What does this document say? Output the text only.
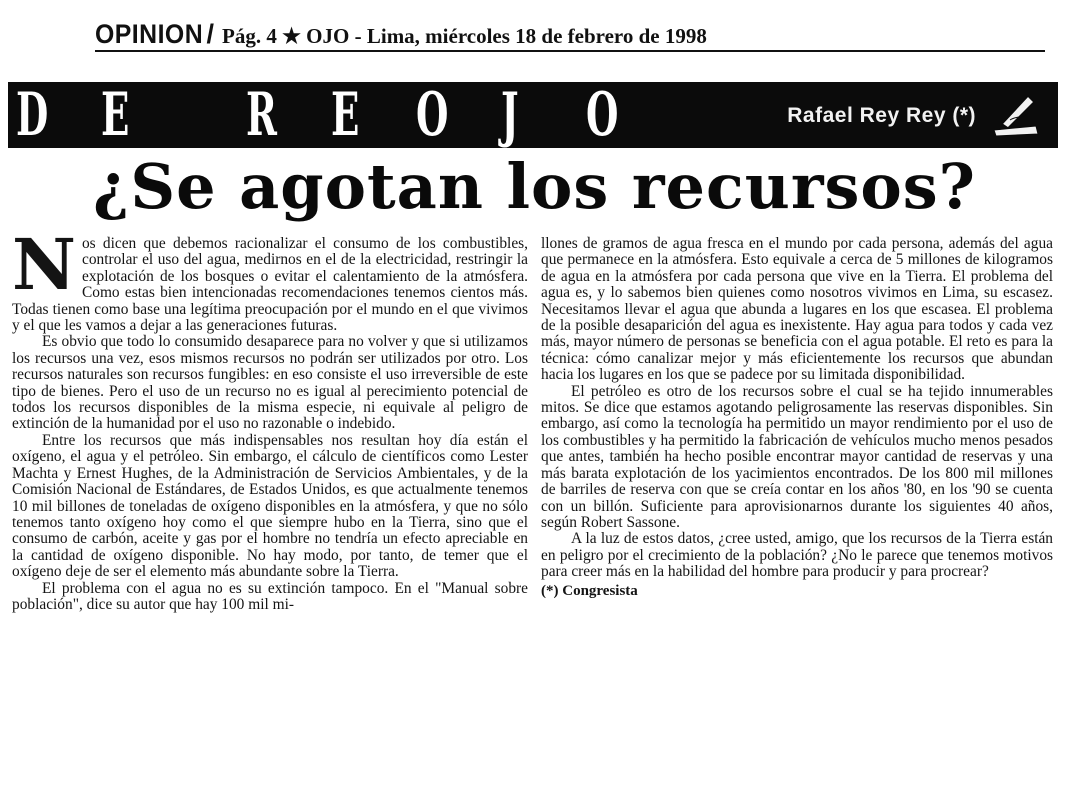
OPINION / Pág. 4 ★ OJO - Lima, miércoles 18 de febrero de 1998
D E	R E O J	O	Rafael Rey Rey (*)
¿Se agotan los recursos?

Nos dicen que debemos racionalizar el consumo de los combustibles, controlar el uso del agua, medirnos en el de la electricidad, restringir la explotación de los bosques o evitar el calentamiento de la atmósfera. Como estas bien intencionadas recomendaciones tenemos cientos más. Todas tienen como base una legítima preocupación por el mundo en el que vivimos y el que les vamos a dejar a las generaciones futuras.

Es obvio que todo lo consumido desaparece para no volver y que si utilizamos los recursos una vez, esos mismos recursos no podrán ser utilizados por otro. Los recursos naturales son recursos fungibles: en eso consiste el uso irreversible de este tipo de bienes. Pero el uso de un recurso no es igual al perecimiento potencial de todos los recursos disponibles de la misma especie, ni equivale al peligro de extinción de la humanidad por el uso no razonable o indebido.

Entre los recursos que más indispensables nos resultan hoy día están el oxígeno, el agua y el petróleo. Sin embargo, el cálculo de científicos como Lester Machta y Ernest Hughes, de la Administración de Servicios Ambientales, y de la Comisión Nacional de Estándares, de Estados Unidos, es que actualmente tenemos 10 mil billones de toneladas de oxígeno disponibles en la atmósfera, y que no sólo tenemos tanto oxígeno hoy como el que siempre hubo en la Tierra, sino que el consumo de carbón, aceite y gas por el hombre no tendría un efecto apreciable en la cantidad de oxígeno disponible. No hay modo, por tanto, de temer que el oxígeno deje de ser el elemento más abundante sobre la Tierra.

El problema con el agua no es su extinción tampoco. En el "Manual sobre población", dice su autor que hay 100 mil mi-

llones de gramos de agua fresca en el mundo por cada persona, además del agua que permanece en la atmósfera. Esto equivale a cerca de 5 millones de kilogramos de agua en la atmósfera por cada persona que vive en la Tierra. El problema del agua es, y lo sabemos bien quienes como nosotros vivimos en Lima, su escasez. Necesitamos llevar el agua que abunda a lugares en los que escasea. El problema de la posible desaparición del agua es inexistente. Hay agua para todos y cada vez más, mayor número de personas se beneficia con el agua potable. El reto es para la técnica: cómo canalizar mejor y más eficientemente los recursos que abundan hacia los lugares en los que se padece por su limitada disponibilidad.

El petróleo es otro de los recursos sobre el cual se ha tejido innumerables mitos. Se dice que estamos agotando peligrosamente las reservas disponibles. Sin embargo, así como la tecnología ha permitido un mayor rendimiento por el uso de los combustibles y ha permitido la fabricación de vehículos mucho menos pesados que antes, también ha hecho posible encontrar mayor cantidad de reservas y una más barata explotación de los yacimientos encontrados. De los 800 mil millones de barriles de reserva con que se creía contar en los años '80, en los '90 se cuenta con un billón. Suficiente para aprovisionarnos durante los siguientes 40 años, según Robert Sassone.

A la luz de estos datos, ¿cree usted, amigo, que los recursos de la Tierra están en peligro por el crecimiento de la población? ¿No le parece que tenemos motivos para creer más en la habilidad del hombre para producir y para procrear?

(*) Congresista
